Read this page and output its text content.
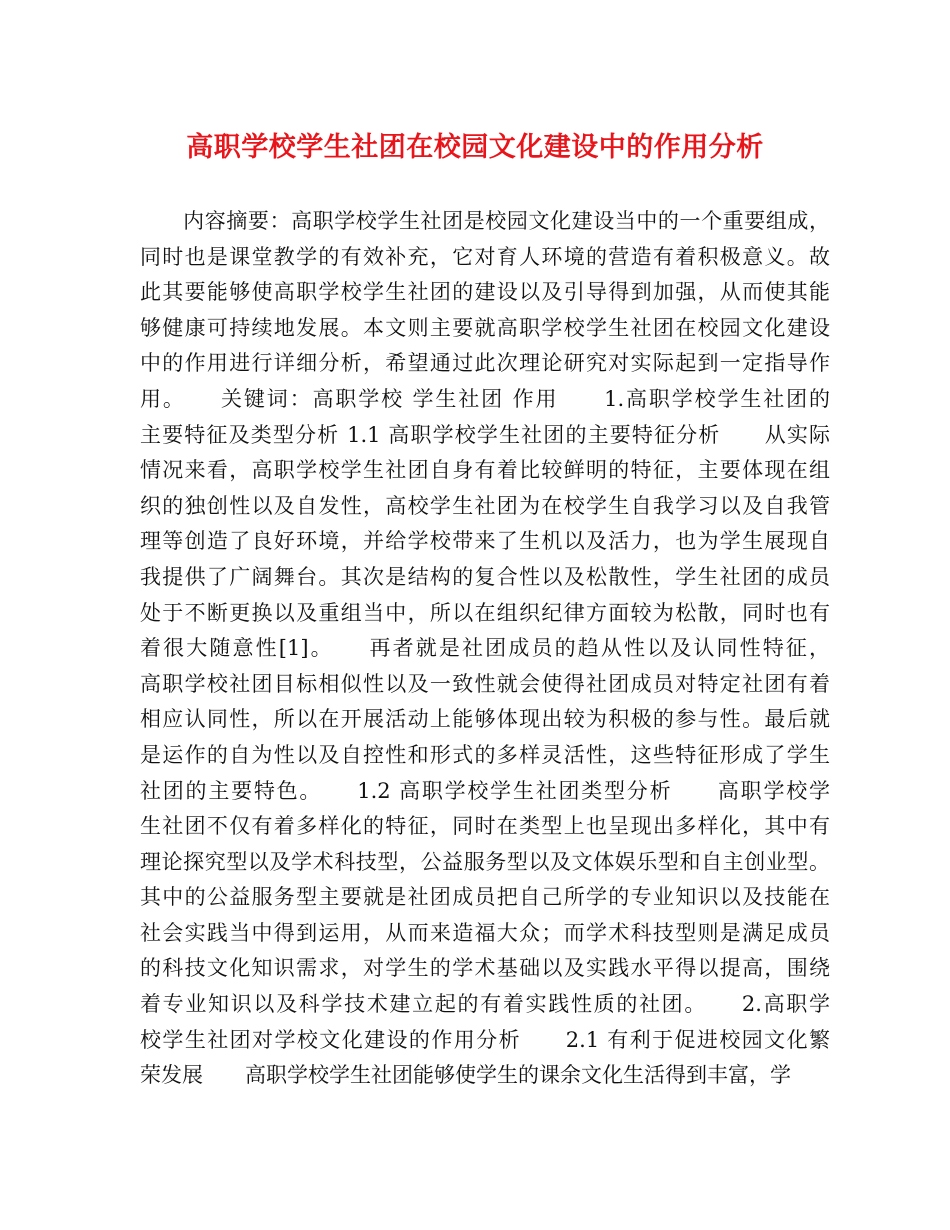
高职学校学生社团在校园文化建设中的作用分析
　　内容摘要：高职学校学生社团是校园文化建设当中的一个重要组成，
同时也是课堂教学的有效补充，它对育人环境的营造有着积极意义。故
此其要能够使高职学校学生社团的建设以及引导得到加强，从而使其能
够健康可持续地发展。本文则主要就高职学校学生社团在校园文化建设
中的作用进行详细分析，希望通过此次理论研究对实际起到一定指导作
用。　　关键词：高职学校 学生社团 作用　　1.高职学校学生社团的
主要特征及类型分析 1.1 高职学校学生社团的主要特征分析　　从实际
情况来看，高职学校学生社团自身有着比较鲜明的特征，主要体现在组
织的独创性以及自发性，高校学生社团为在校学生自我学习以及自我管
理等创造了良好环境，并给学校带来了生机以及活力，也为学生展现自
我提供了广阔舞台。其次是结构的复合性以及松散性，学生社团的成员
处于不断更换以及重组当中，所以在组织纪律方面较为松散，同时也有
着很大随意性[1]。　　再者就是社团成员的趋从性以及认同性特征，
高职学校社团目标相似性以及一致性就会使得社团成员对特定社团有着
相应认同性，所以在开展活动上能够体现出较为积极的参与性。最后就
是运作的自为性以及自控性和形式的多样灵活性，这些特征形成了学生
社团的主要特色。　　1.2 高职学校学生社团类型分析　　高职学校学
生社团不仅有着多样化的特征，同时在类型上也呈现出多样化，其中有
理论探究型以及学术科技型，公益服务型以及文体娱乐型和自主创业型。
其中的公益服务型主要就是社团成员把自己所学的专业知识以及技能在
社会实践当中得到运用，从而来造福大众；而学术科技型则是满足成员
的科技文化知识需求，对学生的学术基础以及实践水平得以提高，围绕
着专业知识以及科学技术建立起的有着实践性质的社团。　　2.高职学
校学生社团对学校文化建设的作用分析　　2.1 有利于促进校园文化繁
荣发展　　高职学校学生社团能够使学生的课余文化生活得到丰富，学
